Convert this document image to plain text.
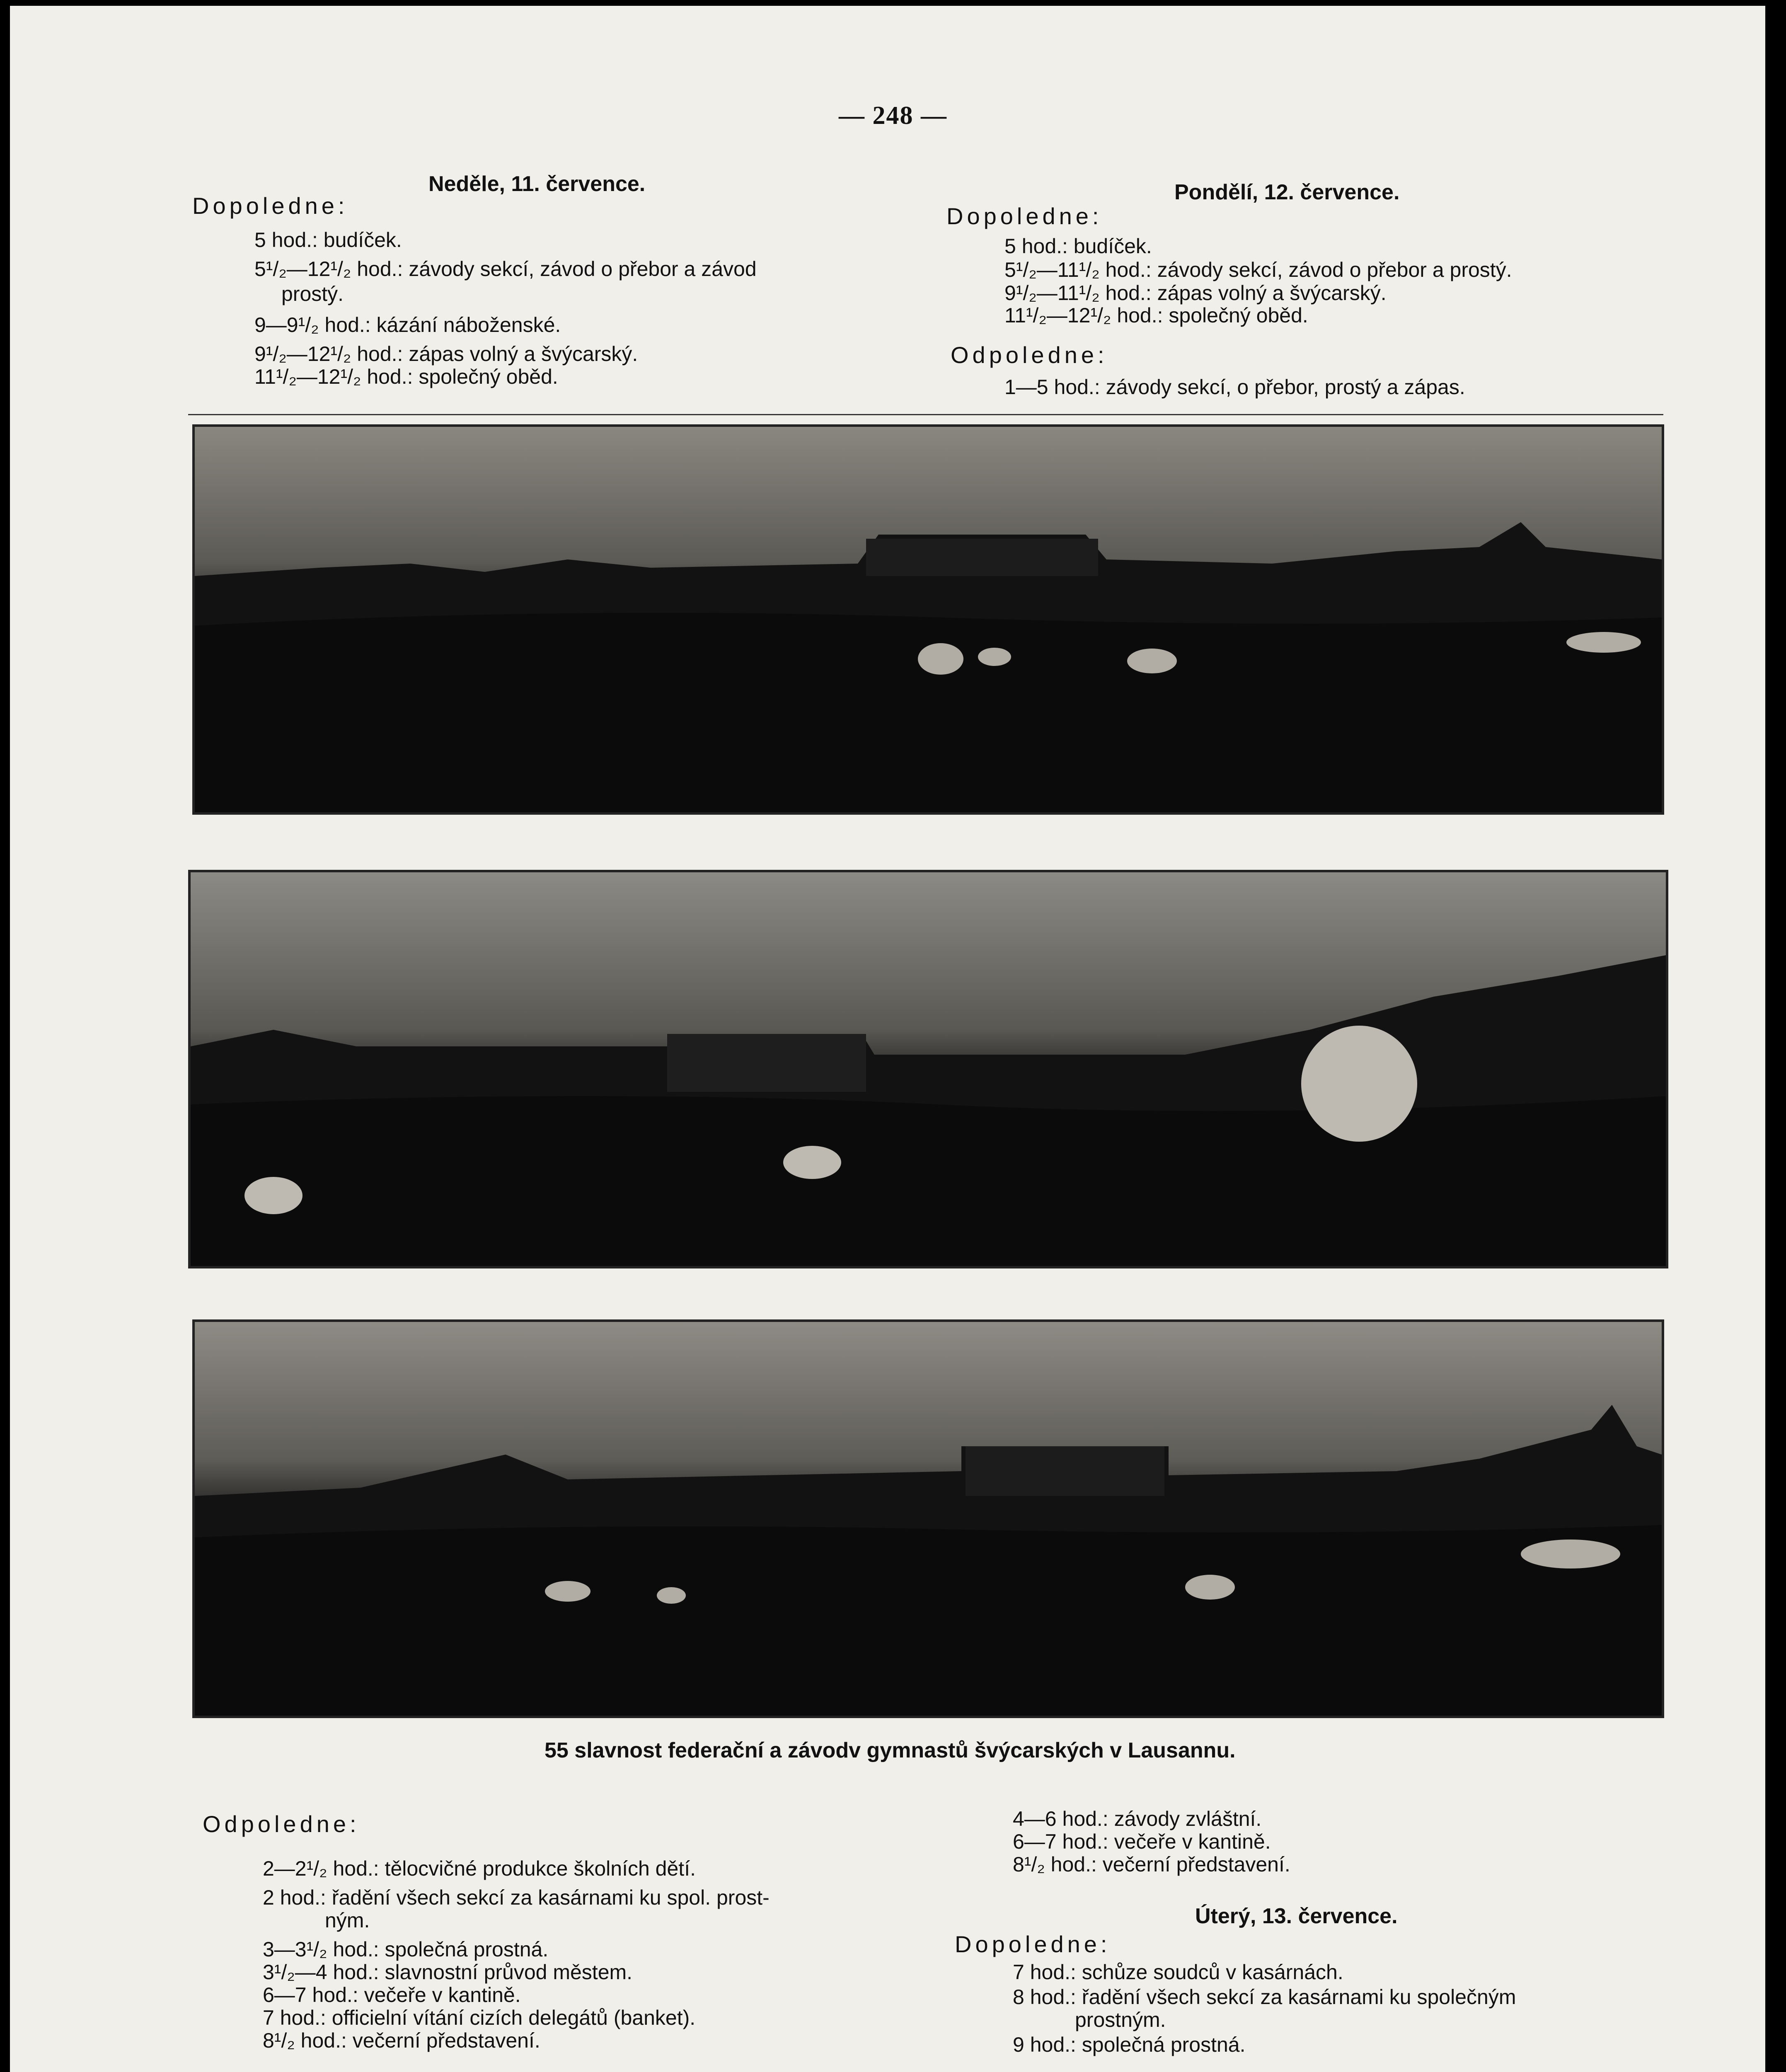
— 248 —
Neděle, 11. července.
Dopoledne:
5 hod.: budíček.
5¹/₂—12¹/₂ hod.: závody sekcí, závod o přebor a závod
prostý.
9—9¹/₂ hod.: kázání náboženské.
9¹/₂—12¹/₂ hod.: zápas volný a švýcarský.
11¹/₂—12¹/₂ hod.: společný oběd.
Pondělí, 12. července.
Dopoledne:
5 hod.: budíček.
5¹/₂—11¹/₂ hod.: závody sekcí, závod o přebor a prostý.
9¹/₂—11¹/₂ hod.: zápas volný a švýcarský.
11¹/₂—12¹/₂ hod.: společný oběd.
Odpoledne:
1—5 hod.: závody sekcí, o přebor, prostý a zápas.
55 slavnost federační a závodv gymnastů švýcarských v Lausannu.
Odpoledne:
2—2¹/₂ hod.: tělocvičné produkce školních dětí.
2 hod.: řadění všech sekcí za kasárnami ku spol. prost-
ným.
3—3¹/₂ hod.: společná prostná.
3¹/₂—4 hod.: slavnostní průvod městem.
6—7 hod.: večeře v kantině.
7 hod.: officielní vítání cizích delegátů (banket).
8¹/₂ hod.: večerní představení.
4—6 hod.: závody zvláštní.
6—7 hod.: večeře v kantině.
8¹/₂ hod.: večerní představení.
Úterý, 13. července.
Dopoledne:
7 hod.: schůze soudců v kasárnách.
8 hod.: řadění všech sekcí za kasárnami ku společným
prostným.
9 hod.: společná prostná.
